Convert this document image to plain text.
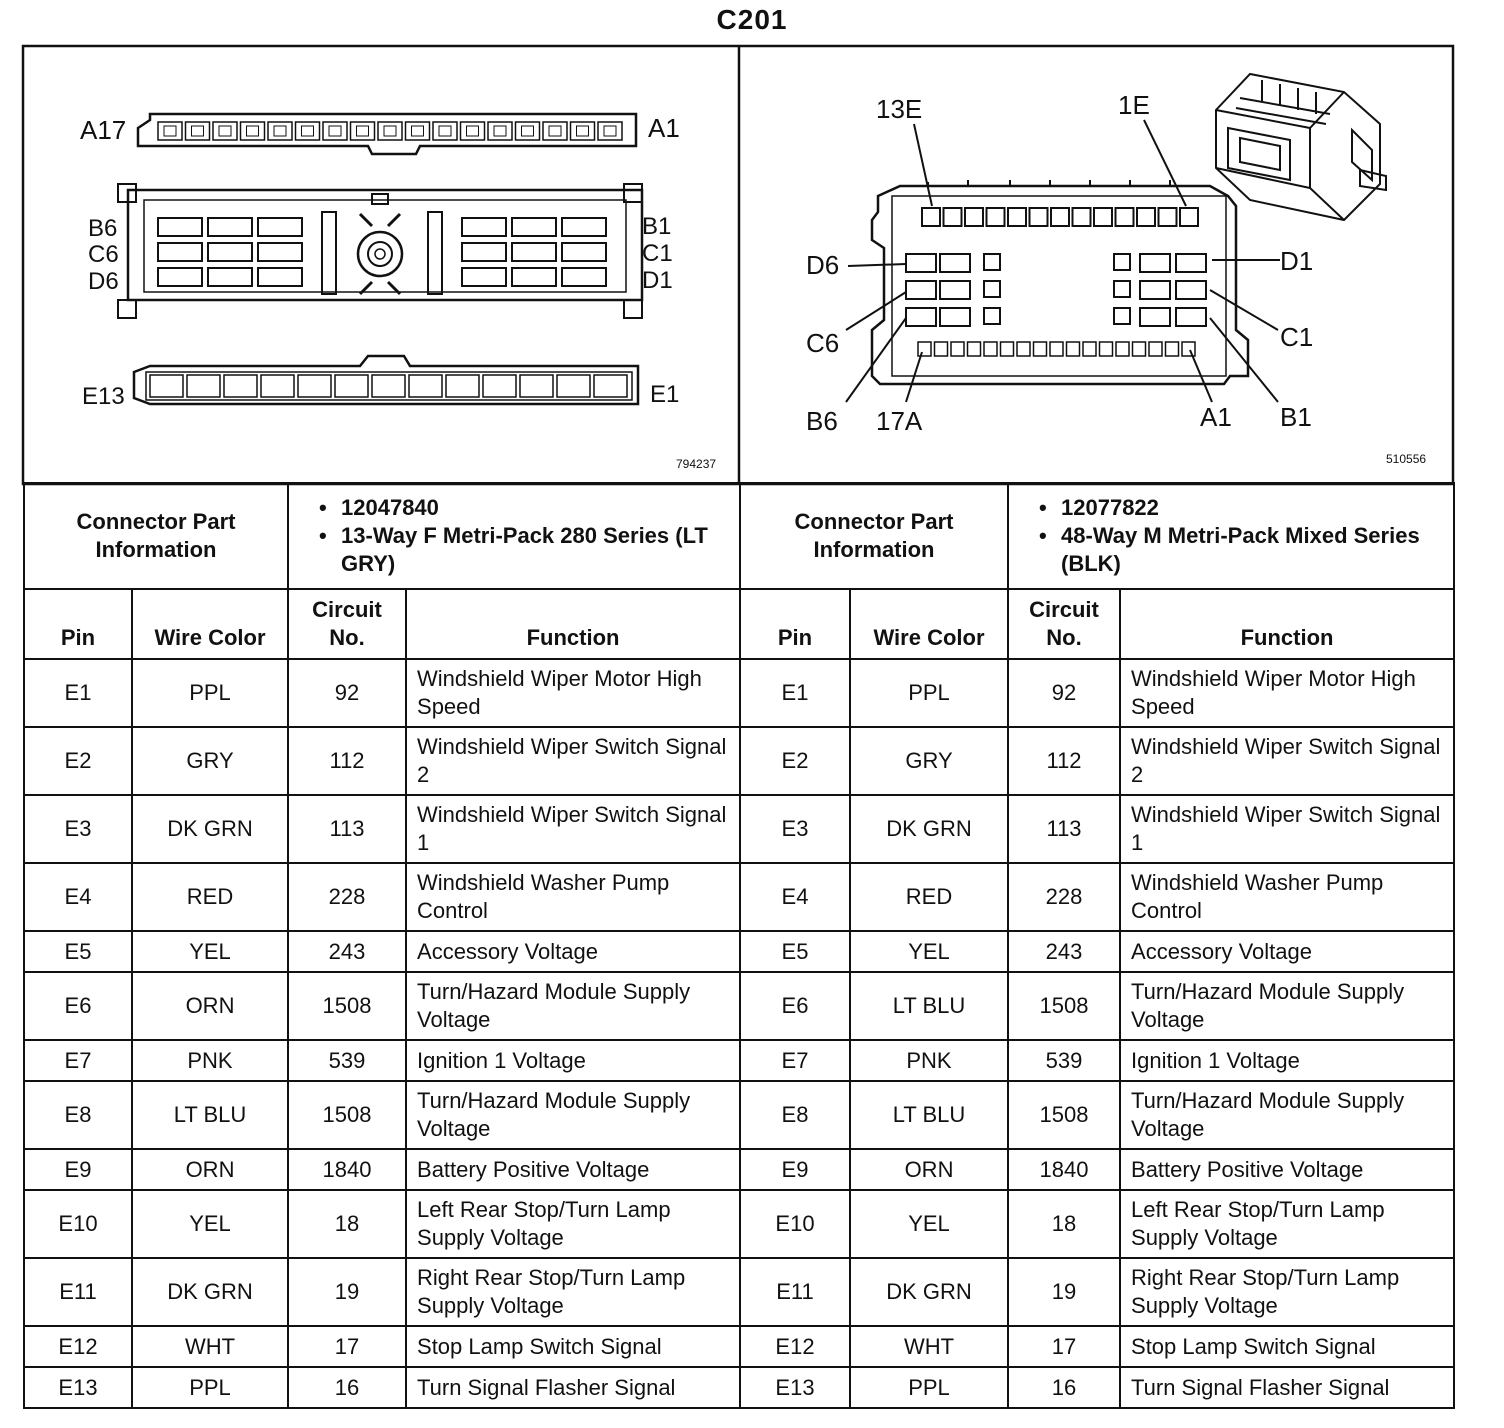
C201
A17	A1
B6
C6
D6
B1
C1
D1
E13	E1
794237
13E	1E
D6	D1
C6	C1
B6 17A	A1 B1
510556
Connector Part Information		• 12047840
• 13-Way F Metri-Pack 280 Series (LT GRY)

Pin	Wire Color	Circuit No.	Function
E1	PPL	92	Windshield Wiper Motor High Speed
E2	GRY	112	Windshield Wiper Switch Signal 2
E3	DK GRN	113	Windshield Wiper Switch Signal 1
E4	RED	228	Windshield Washer Pump Control
E5	YEL	243	Accessory Voltage
E6	ORN	1508	Turn/Hazard Module Supply Voltage
E7	PNK	539	Ignition 1 Voltage
E8	LT BLU	1508	Turn/Hazard Module Supply Voltage
E9	ORN	1840	Battery Positive Voltage
E10	YEL	18	Left Rear Stop/Turn Lamp Supply Voltage
E11	DK GRN	19	Right Rear Stop/Turn Lamp Supply Voltage
E12	WHT	17	Stop Lamp Switch Signal
E13	PPL	16	Turn Signal Flasher Signal
Connector Part Information		• 12077822
• 48-Way M Metri-Pack Mixed Series (BLK)

Pin	Wire Color	Circuit No.	Function
E1	PPL	92	Windshield Wiper Motor High Speed
E2	GRY	112	Windshield Wiper Switch Signal 2
E3	DK GRN	113	Windshield Wiper Switch Signal 1
E4	RED	228	Windshield Washer Pump Control
E5	YEL	243	Accessory Voltage
E6	LT BLU	1508	Turn/Hazard Module Supply Voltage
E7	PNK	539	Ignition 1 Voltage
E8	LT BLU	1508	Turn/Hazard Module Supply Voltage
E9	ORN	1840	Battery Positive Voltage
E10	YEL	18	Left Rear Stop/Turn Lamp Supply Voltage
E11	DK GRN	19	Right Rear Stop/Turn Lamp Supply Voltage
E12	WHT	17	Stop Lamp Switch Signal
E13	PPL	16	Turn Signal Flasher Signal
